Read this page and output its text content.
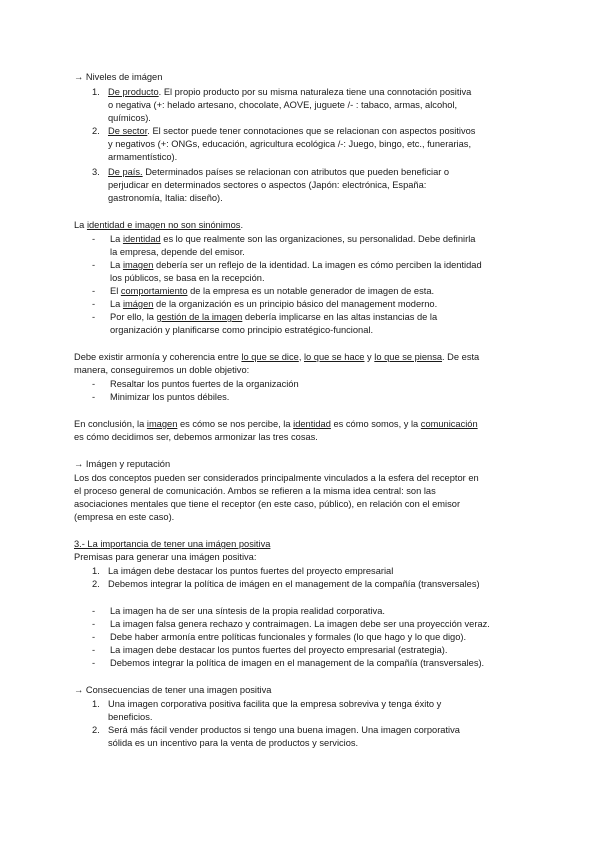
→ Niveles de imágen
1. De producto. El propio producto por su misma naturaleza tiene una connotación positiva
o negativa (+: helado artesano, chocolate, AOVE, juguete /- : tabaco, armas, alcohol,
químicos).
2. De sector. El sector puede tener connotaciones que se relacionan con aspectos positivos
y negativos (+: ONGs, educación, agricultura ecológica /-: Juego, bingo, etc., funerarias,
armamentístico).
3. De país. Determinados países se relacionan con atributos que pueden beneficiar o
perjudicar en determinados sectores o aspectos (Japón: electrónica, España:
gastronomía, Italia: diseño).
La identidad e imagen no son sinónimos.
- La identidad es lo que realmente son las organizaciones, su personalidad. Debe definirla
la empresa, depende del emisor.
- La imagen debería ser un reflejo de la identidad. La imagen es cómo perciben la identidad
los públicos, se basa en la recepción.
- El comportamiento de la empresa es un notable generador de imagen de esta.
- La imágen de la organización es un principio básico del management moderno.
- Por ello, la gestión de la imagen debería implicarse en las altas instancias de la
organización y planificarse como principio estratégico-funcional.
Debe existir armonía y coherencia entre lo que se dice, lo que se hace y lo que se piensa. De esta
manera, conseguiremos un doble objetivo:
- Resaltar los puntos fuertes de la organización
- Minimizar los puntos débiles.
En conclusión, la imagen es cómo se nos percibe, la identidad es cómo somos, y la comunicación
es cómo decidimos ser, debemos armonizar las tres cosas.
→ Imágen y reputación
Los dos conceptos pueden ser considerados principalmente vinculados a la esfera del receptor en
el proceso general de comunicación. Ambos se refieren a la misma idea central: son las
asociaciones mentales que tiene el receptor (en este caso, público), en relación con el emisor
(empresa en este caso).
3.- La importancia de tener una imágen positiva
Premisas para generar una imágen positiva:
1. La imágen debe destacar los puntos fuertes del proyecto empresarial
2. Debemos integrar la política de imágen en el management de la compañía (transversales)
- La imagen ha de ser una síntesis de la propia realidad corporativa.
- La imagen falsa genera rechazo y contraimagen. La imagen debe ser una proyección veraz.
- Debe haber armonía entre políticas funcionales y formales (lo que hago y lo que digo).
- La imagen debe destacar los puntos fuertes del proyecto empresarial (estrategia).
- Debemos integrar la política de imagen en el management de la compañía (transversales).
→ Consecuencias de tener una imagen positiva
1. Una imagen corporativa positiva facilita que la empresa sobreviva y tenga éxito y
beneficios.
2. Será más fácil vender productos si tengo una buena imagen. Una imagen corporativa
sólida es un incentivo para la venta de productos y servicios.
